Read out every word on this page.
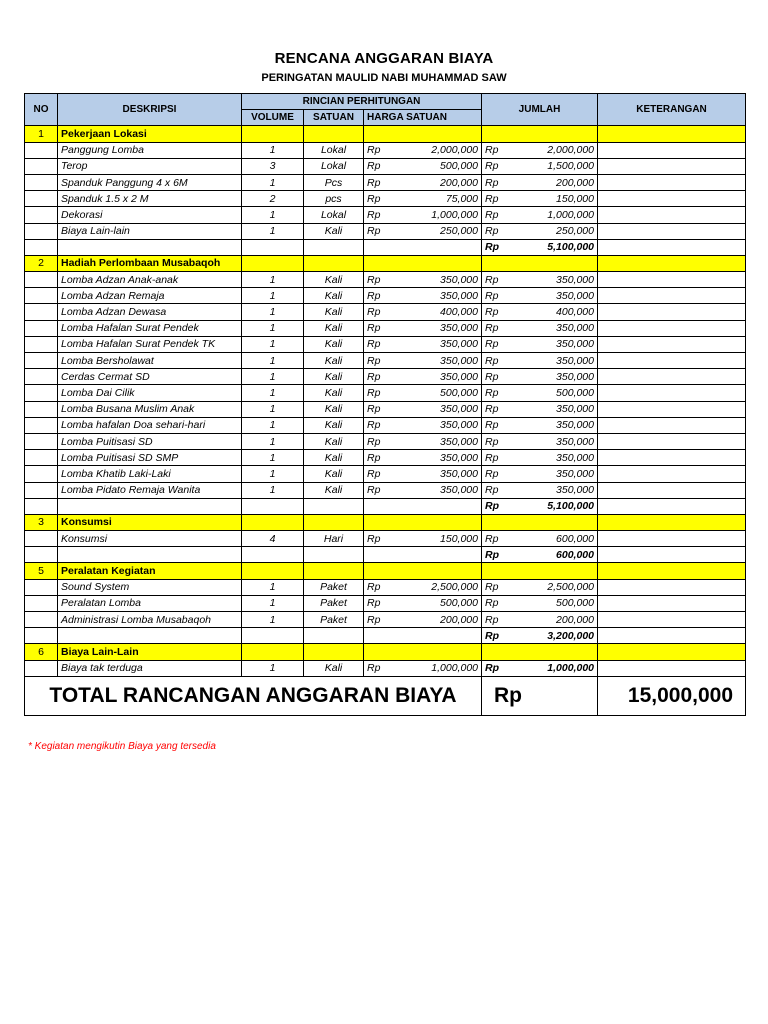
RENCANA ANGGARAN BIAYA
PERINGATAN MAULID NABI MUHAMMAD SAW
NO	DESKRIPSI	RINCIAN PERHITUNGAN			JUMLAH	KETERANGAN
		VOLUME	SATUAN	HARGA SATUAN		

1	Pekerjaan Lokasi					

	Panggung Lomba	1	Lokal	Rp 2,000,000	Rp 2,000,000	

	Terop	3	Lokal	Rp 500,000	Rp 1,500,000	

	Spanduk Panggung 4 x 6M	1	Pcs	Rp 200,000	Rp 200,000	

	Spanduk 1.5 x 2 M	2	pcs	Rp 75,000	Rp 150,000	

	Dekorasi	1	Lokal	Rp 1,000,000	Rp 1,000,000	

	Biaya Lain-lain	1	Kali	Rp 250,000	Rp 250,000	

					Rp 5,100,000	

2	Hadiah Perlombaan Musabaqoh					

	Lomba Adzan Anak-anak	1	Kali	Rp 350,000	Rp 350,000	

	Lomba Adzan Remaja	1	Kali	Rp 350,000	Rp 350,000	

	Lomba Adzan Dewasa	1	Kali	Rp 400,000	Rp 400,000	

	Lomba Hafalan Surat Pendek	1	Kali	Rp 350,000	Rp 350,000	

	Lomba Hafalan Surat Pendek TK	1	Kali	Rp 350,000	Rp 350,000	

	Lomba Bersholawat	1	Kali	Rp 350,000	Rp 350,000	

	Cerdas Cermat SD	1	Kali	Rp 350,000	Rp 350,000	

	Lomba Dai Cilik	1	Kali	Rp 500,000	Rp 500,000	

	Lomba Busana Muslim Anak	1	Kali	Rp 350,000	Rp 350,000	

	Lomba hafalan Doa sehari-hari	1	Kali	Rp 350,000	Rp 350,000	

	Lomba Puitisasi SD	1	Kali	Rp 350,000	Rp 350,000	

	Lomba Puitisasi SD SMP	1	Kali	Rp 350,000	Rp 350,000	

	Lomba Khatib Laki-Laki	1	Kali	Rp 350,000	Rp 350,000	

	Lomba Pidato Remaja Wanita	1	Kali	Rp 350,000	Rp 350,000	

					Rp 5,100,000	

3	Konsumsi					

	Konsumsi	4	Hari	Rp 150,000	Rp 600,000	

					Rp 600,000	

5	Peralatan Kegiatan					

	Sound System	1	Paket	Rp 2,500,000	Rp 2,500,000	

	Peralatan Lomba	1	Paket	Rp 500,000	Rp 500,000	

	Administrasi Lomba Musabaqoh	1	Paket	Rp 200,000	Rp 200,000	

					Rp 3,200,000	

6	Biaya Lain-Lain					

	Biaya tak terduga	1	Kali	Rp 1,000,000	Rp 1,000,000	

TOTAL RANCANGAN ANGGARAN BIAYA					Rp	15,000,000
* Kegiatan mengikutin Biaya yang tersedia
